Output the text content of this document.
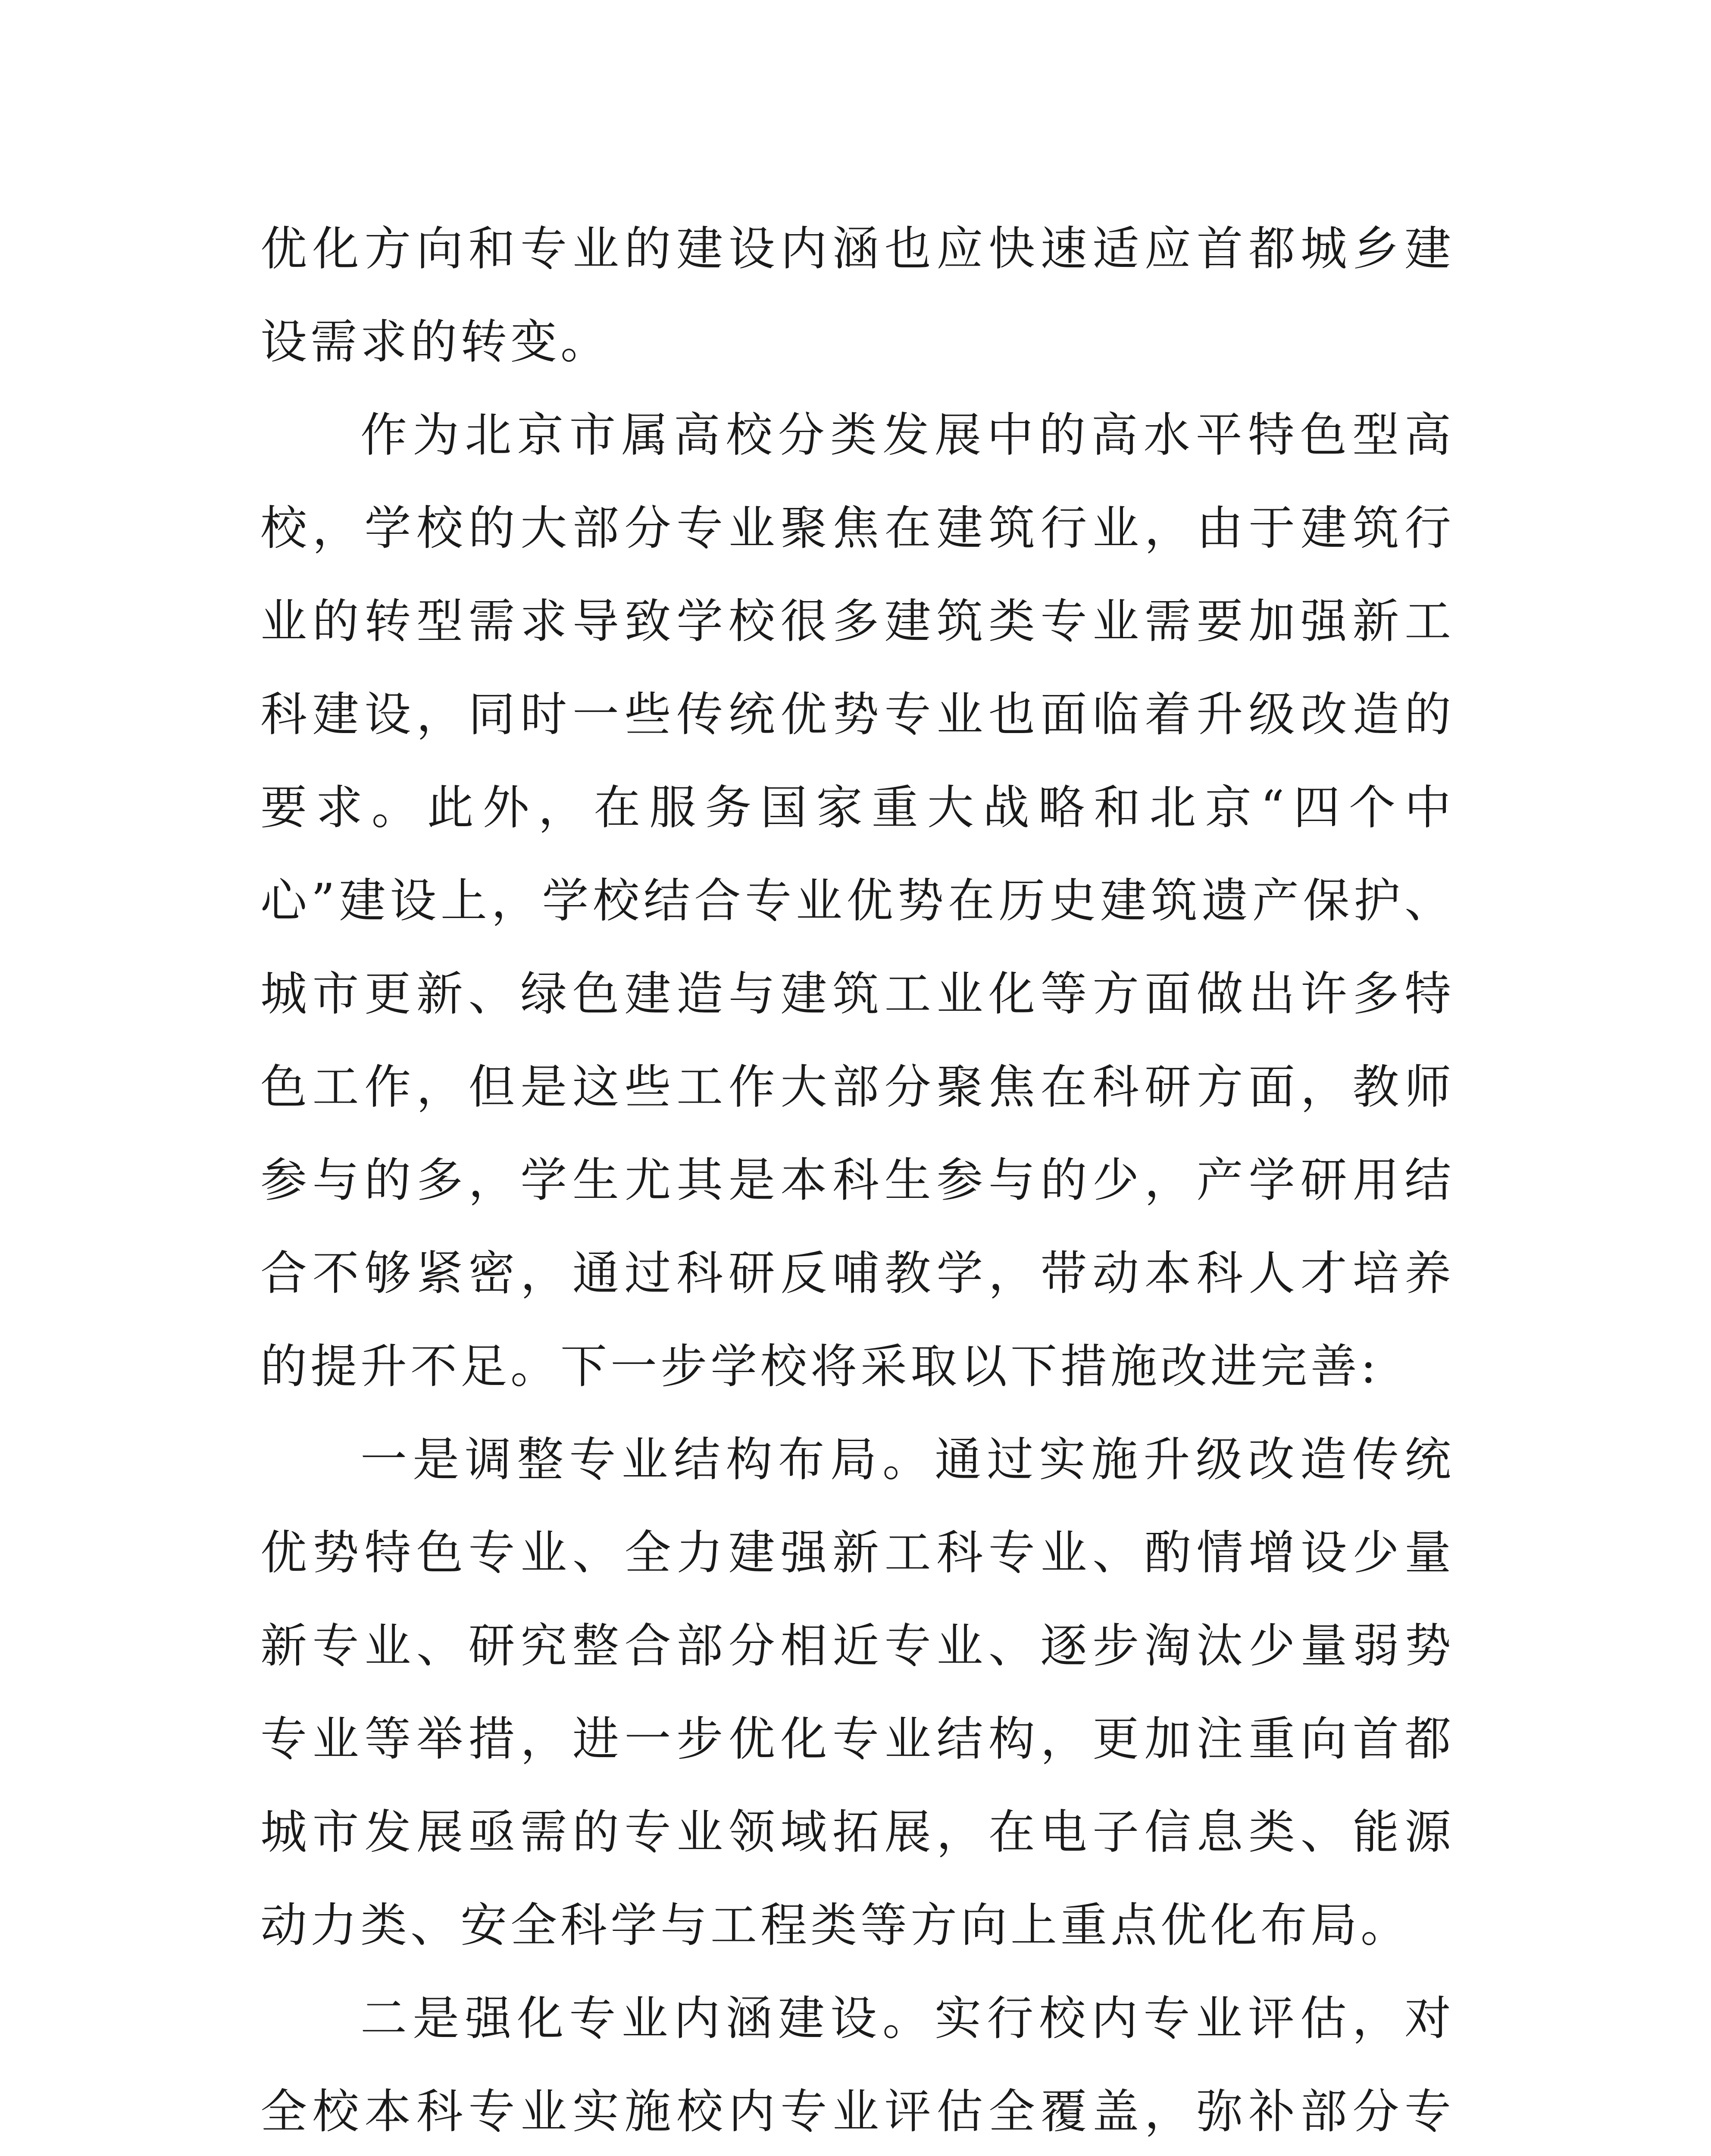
优化方向和专业的建设内涵也应快速适应首都城乡建设需求的转变。

作为北京市属高校分类发展中的高水平特色型高校，学校的大部分专业聚焦在建筑行业，由于建筑行业的转型需求导致学校很多建筑类专业需要加强新工科建设，同时一些传统优势专业也面临着升级改造的要求。此外，在服务国家重大战略和北京“四个中心”建设上，学校结合专业优势在历史建筑遗产保护、城市更新、绿色建造与建筑工业化等方面做出许多特色工作，但是这些工作大部分聚焦在科研方面，教师参与的多，学生尤其是本科生参与的少，产学研用结合不够紧密，通过科研反哺教学，带动本科人才培养的提升不足。下一步学校将采取以下措施改进完善:

一是调整专业结构布局。通过实施升级改造传统优势特色专业、全力建强新工科专业、酌情增设少量新专业、研究整合部分相近专业、逐步淘汰少量弱势专业等举措，进一步优化专业结构，更加注重向首都城市发展亟需的专业领域拓展，在电子信息类、能源动力类、安全科学与工程类等方向上重点优化布局。

二是强化专业内涵建设。实行校内专业评估，对全校本科专业实施校内专业评估全覆盖，弥补部分专
